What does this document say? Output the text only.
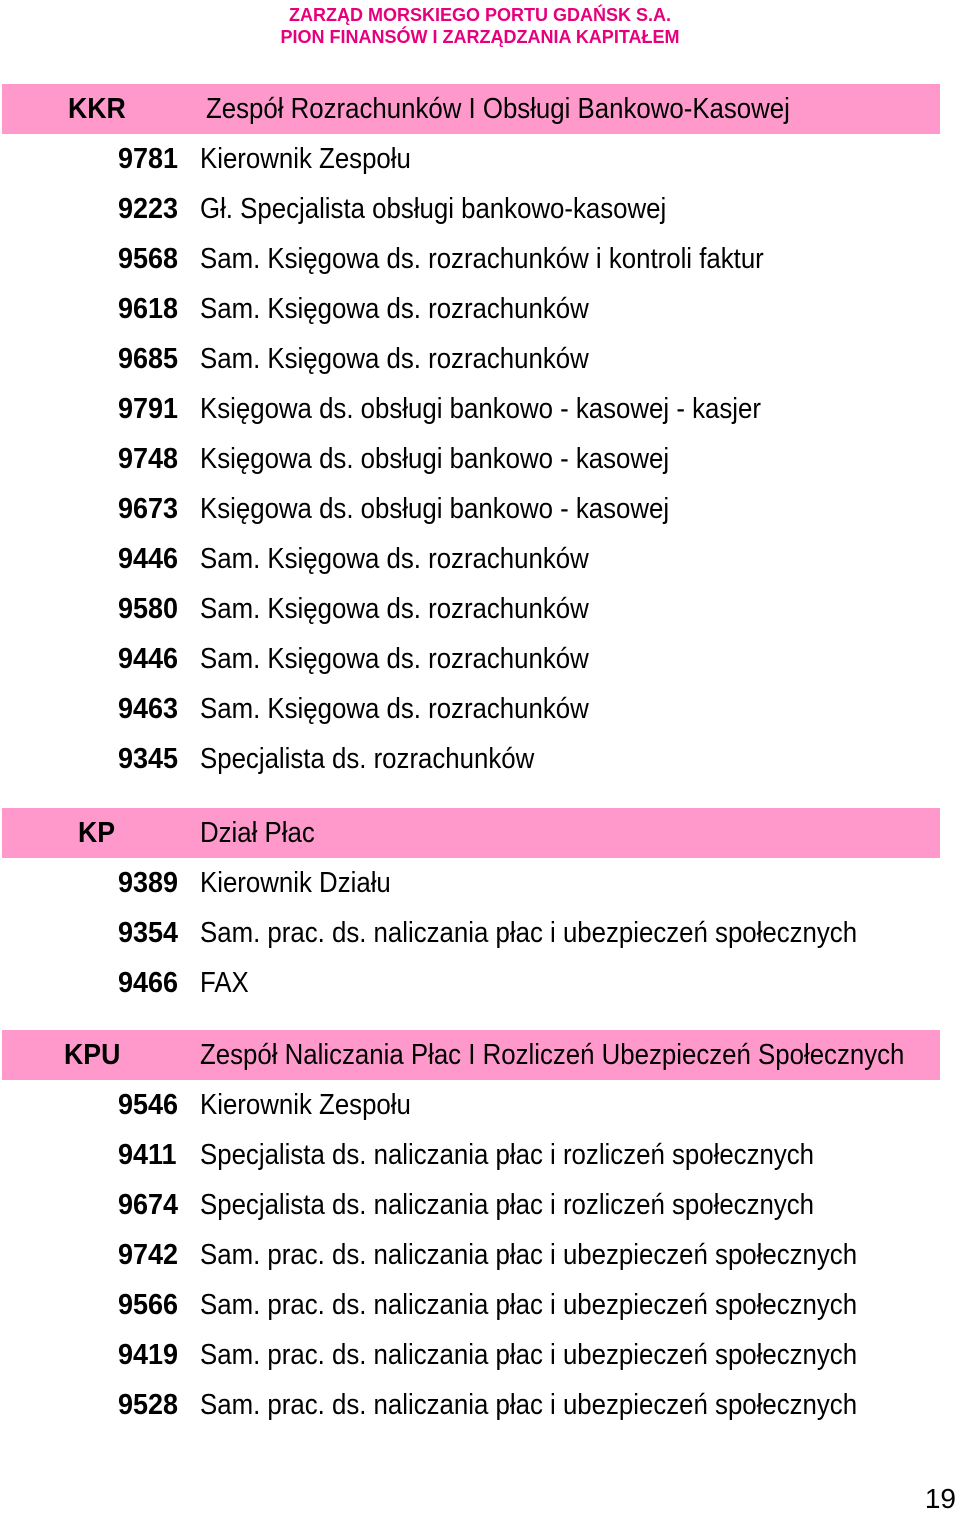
ZARZĄD MORSKIEGO PORTU GDAŃSK S.A.
PION FINANSÓW I ZARZĄDZANIA KAPITAŁEM
KKR	Zespół Rozrachunków I Obsługi Bankowo-Kasowej
9781 Kierownik Zespołu
9223 Gł. Specjalista obsługi bankowo-kasowej
9568 Sam. Księgowa ds. rozrachunków i kontroli faktur
9618 Sam. Księgowa ds. rozrachunków
9685 Sam. Księgowa ds. rozrachunków
9791 Księgowa ds. obsługi bankowo - kasowej - kasjer
9748 Księgowa ds. obsługi bankowo - kasowej
9673 Księgowa ds. obsługi bankowo - kasowej
9446 Sam. Księgowa ds. rozrachunków
9580 Sam. Księgowa ds. rozrachunków
9446 Sam. Księgowa ds. rozrachunków
9463 Sam. Księgowa ds. rozrachunków
9345 Specjalista ds. rozrachunków
KP	Dział Płac
9389 Kierownik Działu
9354 Sam. prac. ds. naliczania płac i ubezpieczeń społecznych
9466 FAX
KPU	Zespół Naliczania Płac I Rozliczeń Ubezpieczeń Społecznych
9546 Kierownik Zespołu
9411 Specjalista ds. naliczania płac i rozliczeń społecznych
9674 Specjalista ds. naliczania płac i rozliczeń społecznych
9742 Sam. prac. ds. naliczania płac i ubezpieczeń społecznych
9566 Sam. prac. ds. naliczania płac i ubezpieczeń społecznych
9419 Sam. prac. ds. naliczania płac i ubezpieczeń społecznych
9528 Sam. prac. ds. naliczania płac i ubezpieczeń społecznych
19
